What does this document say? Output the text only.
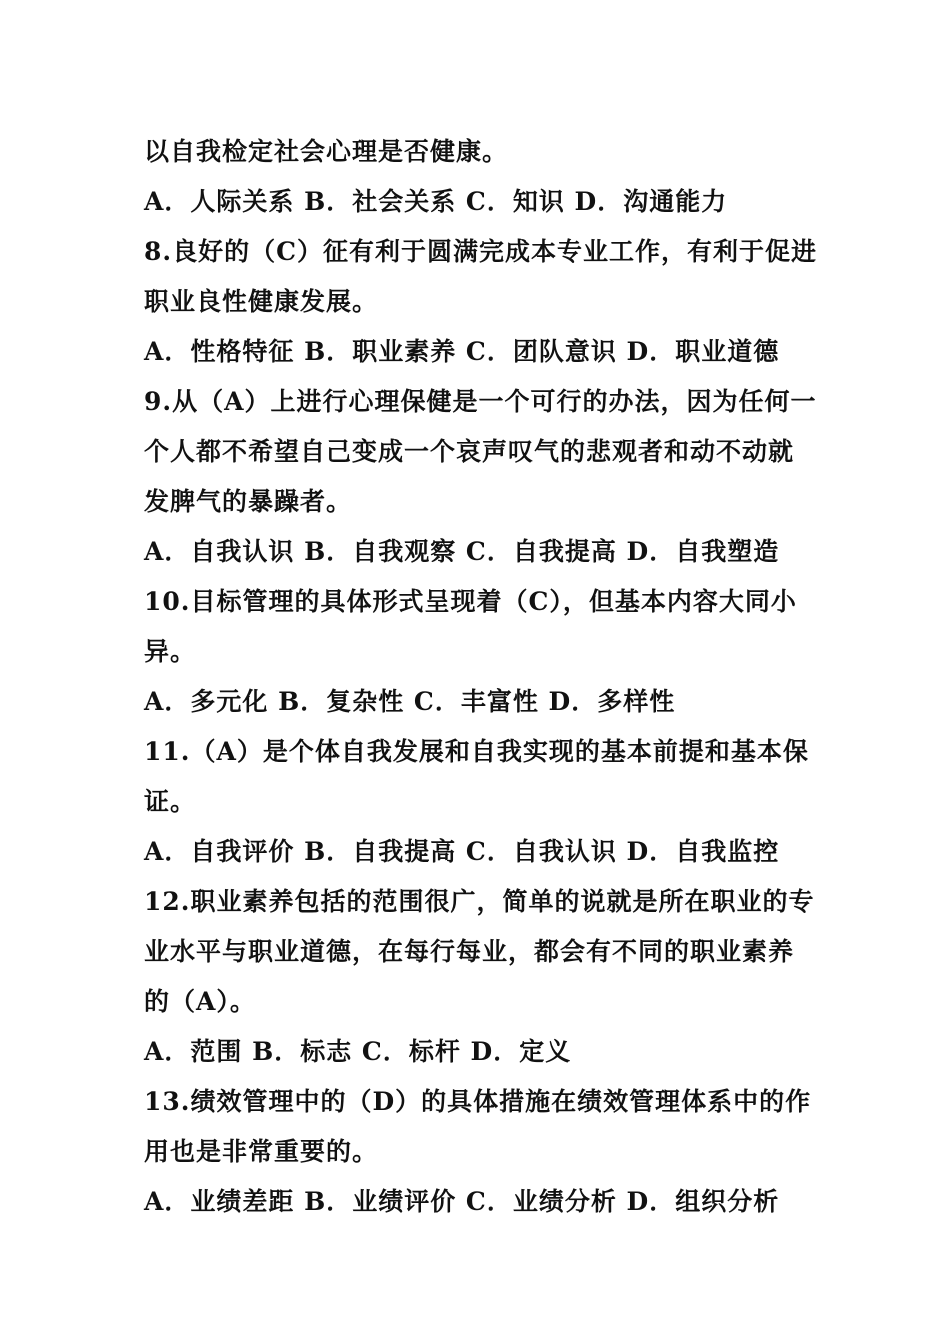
以自我检定社会心理是否健康。
A．人际关系 B．社会关系 C．知识 D．沟通能力
8.良好的（C）征有利于圆满完成本专业工作，有利于促进
职业良性健康发展。
A．性格特征 B．职业素养 C．团队意识 D．职业道德
9.从（A）上进行心理保健是一个可行的办法，因为任何一
个人都不希望自己变成一个哀声叹气的悲观者和动不动就
发脾气的暴躁者。
A．自我认识 B．自我观察 C．自我提高 D．自我塑造
10.目标管理的具体形式呈现着（C），但基本内容大同小
异。
A．多元化 B．复杂性 C．丰富性 D．多样性
11.（A）是个体自我发展和自我实现的基本前提和基本保
证。
A．自我评价 B．自我提高 C．自我认识 D．自我监控
12.职业素养包括的范围很广，简单的说就是所在职业的专
业水平与职业道德，在每行每业，都会有不同的职业素养
的（A）。
A．范围 B．标志 C．标杆 D．定义
13.绩效管理中的（D）的具体措施在绩效管理体系中的作
用也是非常重要的。
A．业绩差距 B．业绩评价 C．业绩分析 D．组织分析
